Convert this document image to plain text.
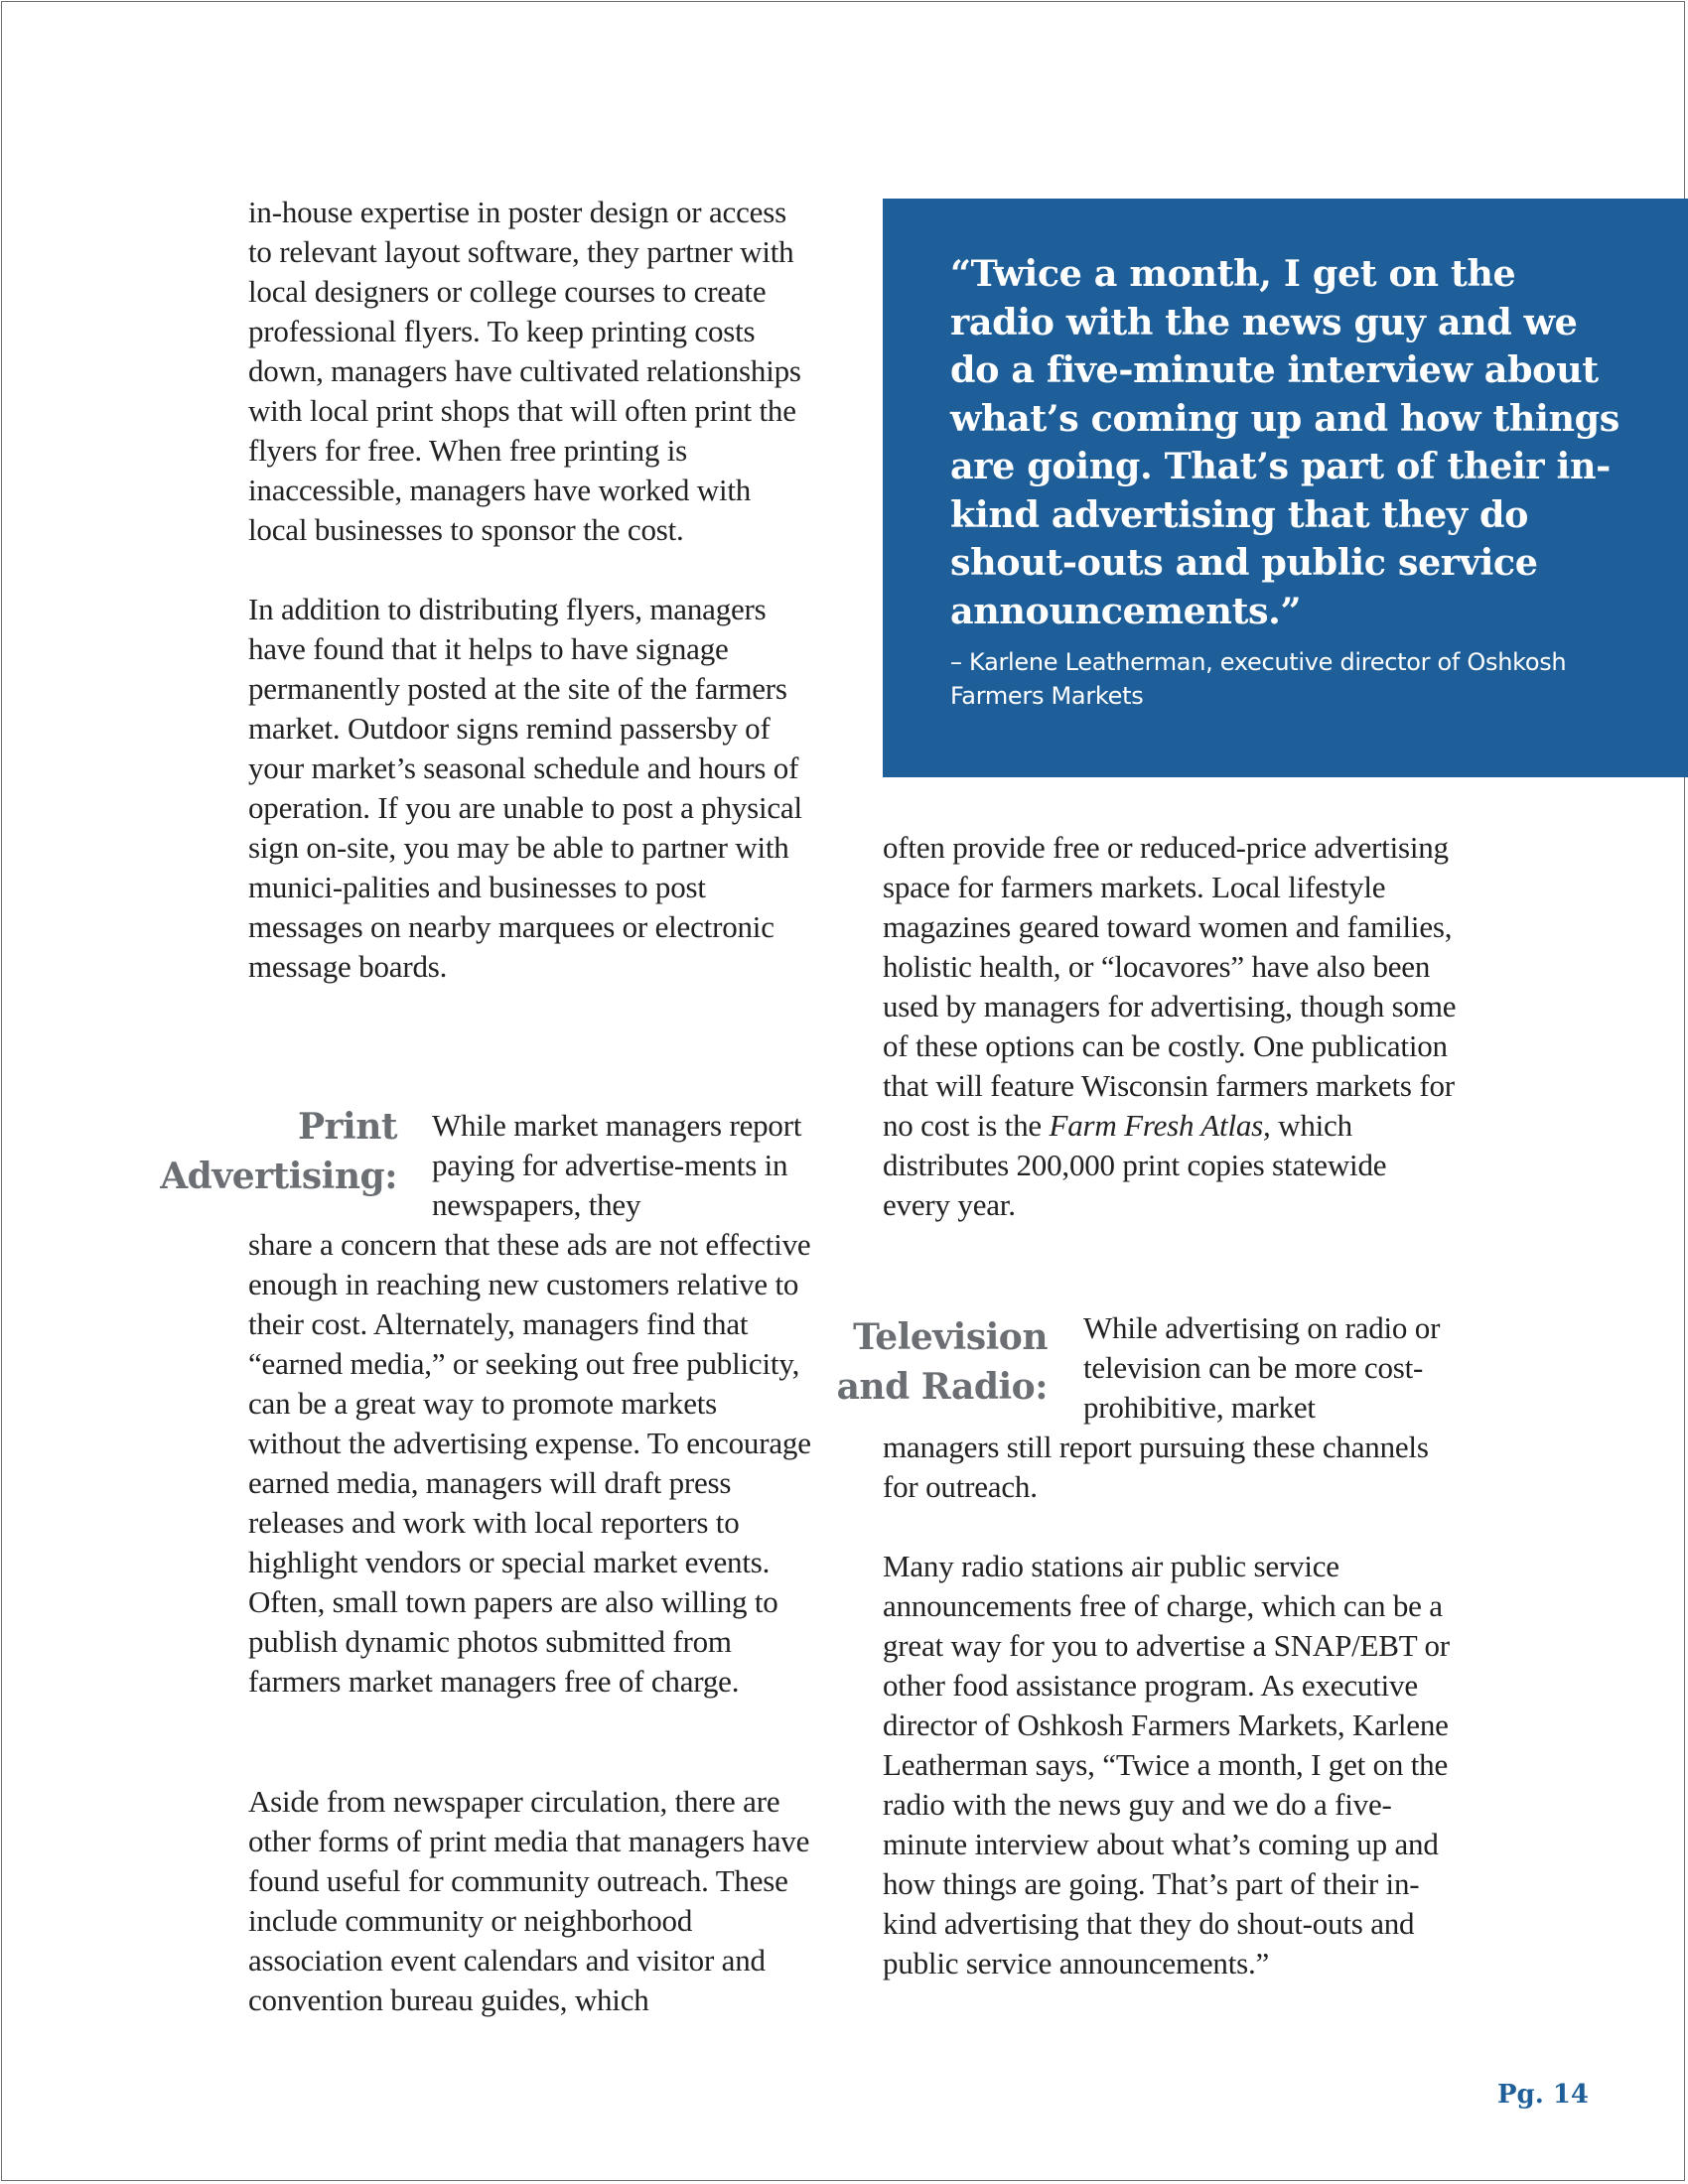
in-house expertise in poster design or access to relevant layout software, they partner with local designers or college courses to create professional flyers. To keep printing costs down, managers have cultivated relationships with local print shops that will often print the flyers for free. When free printing is inaccessible, managers have worked with local businesses to sponsor the cost.

In addition to distributing flyers, managers have found that it helps to have signage permanently posted at the site of the farmers market. Outdoor signs remind passersby of your market’s seasonal schedule and hours of operation. If you are unable to post a physical sign on-site, you may be able to partner with munici-palities and businesses to post messages on nearby marquees or electronic message boards.

Print
Advertising:

While market managers report paying for advertise-ments in newspapers, they

share a concern that these ads are not effective enough in reaching new customers relative to their cost. Alternately, managers find that “earned media,” or seeking out free publicity, can be a great way to promote markets without the advertising expense. To encourage earned media, managers will draft press releases and work with local reporters to highlight vendors or special market events. Often, small town papers are also willing to publish dynamic photos submitted from farmers market managers free of charge.

Aside from newspaper circulation, there are other forms of print media that managers have found useful for community outreach. These include community or neighborhood association event calendars and visitor and convention bureau guides, which

“Twice a month, I get on the radio with the news guy and we do a five-minute interview about what’s coming up and how things are going. That’s part of their in-kind advertising that they do shout-outs and public service announcements.”

– Karlene Leatherman, executive director of Oshkosh Farmers Markets

often provide free or reduced-price advertising space for farmers markets. Local lifestyle magazines geared toward women and families, holistic health, or “locavores” have also been used by managers for advertising, though some of these options can be costly. One publication that will feature Wisconsin farmers markets for no cost is the Farm Fresh Atlas, which distributes 200,000 print copies statewide every year.

Television
and Radio:

While advertising on radio or television can be more cost-prohibitive, market

managers still report pursuing these channels for outreach.

Many radio stations air public service announcements free of charge, which can be a great way for you to advertise a SNAP/EBT or other food assistance program. As executive director of Oshkosh Farmers Markets, Karlene Leatherman says, “Twice a month, I get on the radio with the news guy and we do a five-minute interview about what’s coming up and how things are going. That’s part of their in-kind advertising that they do shout-outs and public service announcements.”

Pg. 14
